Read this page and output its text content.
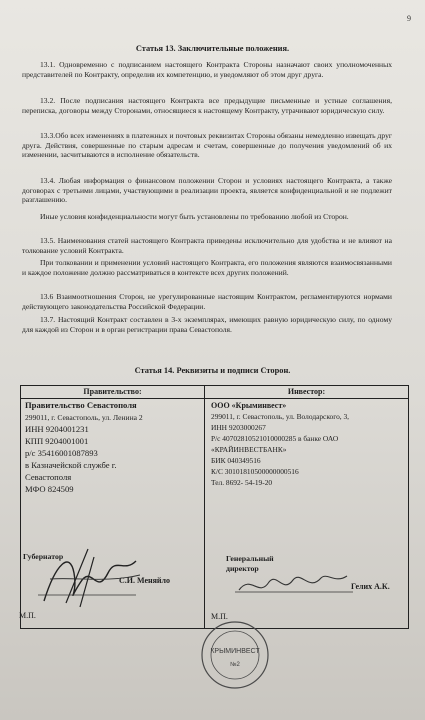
9
Статья 13. Заключительные положения.

13.1. Одновременно с подписанием настоящего Контракта Стороны назначают своих уполномоченных представителей по Контракту, определив их компетенцию, и уведомляют об этом друг друга.

13.2. После подписания настоящего Контракта все предыдущие письменные и устные соглашения, переписка, договоры между Сторонами, относящиеся к настоящему Контракту, утрачивают юридическую силу.

13.3.Обо всех изменениях в платежных и почтовых реквизитах Стороны обязаны немедленно извещать друг друга. Действия, совершенные по старым адресам и счетам, совершенные до получения уведомлений об их изменении, засчитываются в исполнение обязательств.

13.4. Любая информация о финансовом положении Сторон и условиях настоящего Контракта, а также договорах с третьими лицами, участвующими в реализации проекта, является конфиденциальной и не подлежит разглашению.

Иные условия конфиденциальности могут быть установлены по требованию любой из Сторон.

13.5. Наименования статей настоящего Контракта приведены исключительно для удобства и не влияют на толкование условий Контракта.

При толковании и применении условий настоящего Контракта, его положения являются взаимосвязанными и каждое положение должно рассматриваться в контексте всех других положений.

13.6 Взаимоотношения Сторон, не урегулированные настоящим Контрактом, регламентируются нормами действующего законодательства Российской Федерации.

13.7. Настоящий Контракт составлен в 3-х экземплярах, имеющих равную юридическую силу, по одному для каждой из Сторон и в орган регистрации права Севастополя.

Статья 14. Реквизиты и подписи Сторон.
Правительство:	Инвестор:
Правительство Севастополя
299011, г. Севастополь, ул. Ленина 2
ИНН 9204001231
КПП 9204001001
р/с 35416001087893
в Казначейской службе г.
Севастополя
МФО 824509
Губернатор
С.И. Меняйло
М.П.
ООО «Крыминвест»
299011, г. Севастополь, ул. Володарского, 3,
ИНН 9203000267
Р/с 40702810521010000285 в банке ОАО
«КРАЙИНВЕСТБАНК»
БИК 040349516
К/С 30101810500000000516
Тел. 8692- 54-19-20
Генеральный
директор
Гелих А.К.
М.П.
КРЫМИНВЕСТ
№2
